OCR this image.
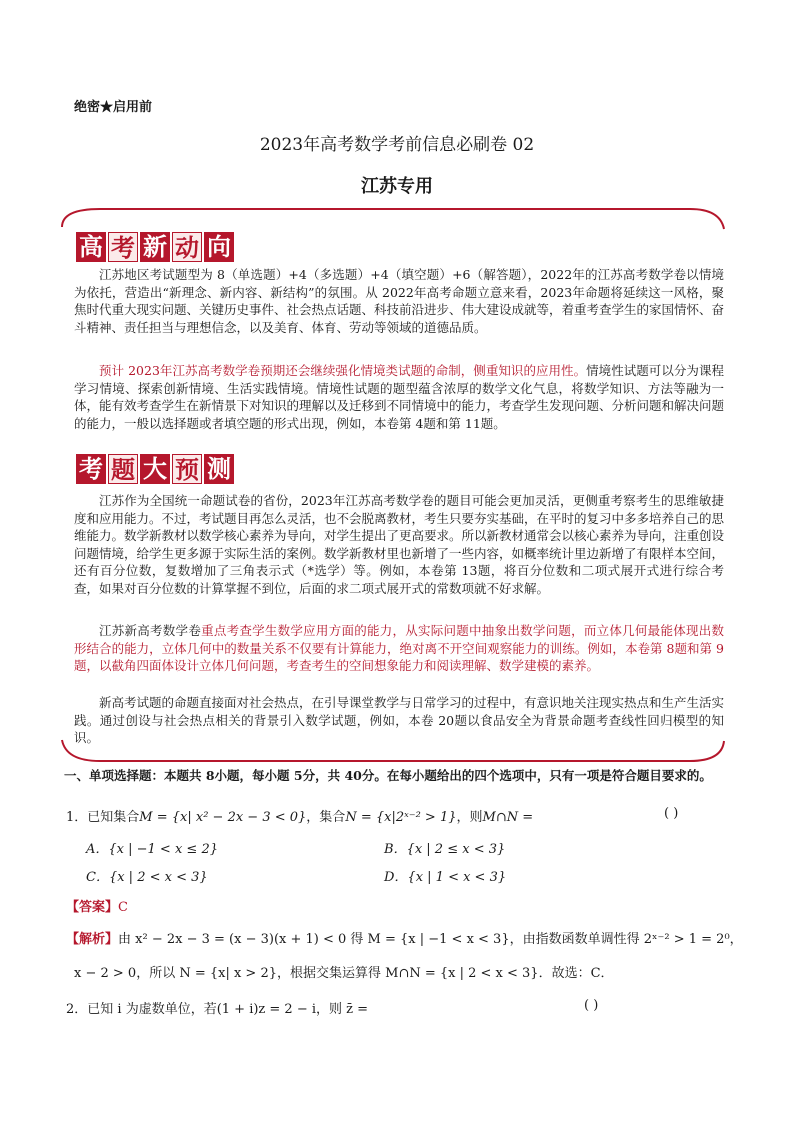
绝密★启用前
2023年高考数学考前信息必刷卷 02
江苏专用
高 考 新 动 向

江苏地区考试题型为 8（单选题）+4（多选题）+4（填空题）+6（解答题），2022年的江苏高考数学卷以情境为依托，营造出“新理念、新内容、新结构”的氛围。从 2022年高考命题立意来看，2023年命题将延续这一风格，聚焦时代重大现实问题、关键历史事件、社会热点话题、科技前沿进步、伟大建设成就等，着重考查学生的家国情怀、奋斗精神、责任担当与理想信念，以及美育、体育、劳动等领域的道德品质。

预计 2023年江苏高考数学卷预期还会继续强化情境类试题的命制，侧重知识的应用性。情境性试题可以分为课程学习情境、探索创新情境、生活实践情境。情境性试题的题型蕴含浓厚的数学文化气息，将数学知识、方法等融为一体，能有效考查学生在新情景下对知识的理解以及迁移到不同情境中的能力，考查学生发现问题、分析问题和解决问题的能力，一般以选择题或者填空题的形式出现，例如，本卷第 4题和第 11题。

考 题 大 预 测

江苏作为全国统一命题试卷的省份，2023年江苏高考数学卷的题目可能会更加灵活，更侧重考察考生的思维敏捷度和应用能力。不过，考试题目再怎么灵活，也不会脱离教材，考生只要夯实基础，在平时的复习中多多培养自己的思维能力。数学新教材以数学核心素养为导向，对学生提出了更高要求。所以新教材通常会以核心素养为导向，注重创设问题情境，给学生更多源于实际生活的案例。数学新教材里也新增了一些内容，如概率统计里边新增了有限样本空间，还有百分位数，复数增加了三角表示式（*选学）等。例如，本卷第 13题，将百分位数和二项式展开式进行综合考查，如果对百分位数的计算掌握不到位，后面的求二项式展开式的常数项就不好求解。

江苏新高考数学卷重点考查学生数学应用方面的能力，从实际问题中抽象出数学问题，而立体几何最能体现出数形结合的能力，立体几何中的数量关系不仅要有计算能力，绝对离不开空间观察能力的训练。例如，本卷第 8题和第 9题，以截角四面体设计立体几何问题，考查考生的空间想象能力和阅读理解、数学建模的素养。

新高考试题的命题直接面对社会热点，在引导课堂教学与日常学习的过程中，有意识地关注现实热点和生产生活实践。通过创设与社会热点相关的背景引入数学试题，例如，本卷 20题以食品安全为背景命题考查线性回归模型的知识。

一、单项选择题：本题共 8小题，每小题 5分，共 40分。在每小题给出的四个选项中，只有一项是符合题目要求的。
1．已知集合M = {x| x² − 2x − 3 < 0}，集合N = {x|2ˣ⁻² > 1}，则M∩N =	( )
A．{x | −1 < x ≤ 2}	B．{x | 2 ≤ x < 3}
C．{x | 2 < x < 3}	D．{x | 1 < x < 3}
【答案】C
【解析】由 x² − 2x − 3 = (x − 3)(x + 1) < 0 得 M = {x | −1 < x < 3}，由指数函数单调性得 2ˣ⁻² > 1 = 2⁰，
x − 2 > 0，所以 N = {x| x > 2}，根据交集运算得 M∩N = {x | 2 < x < 3}．故选：C．
2．已知 i 为虚数单位，若(1 + i)z = 2 − i，则 z̄ =	( )
